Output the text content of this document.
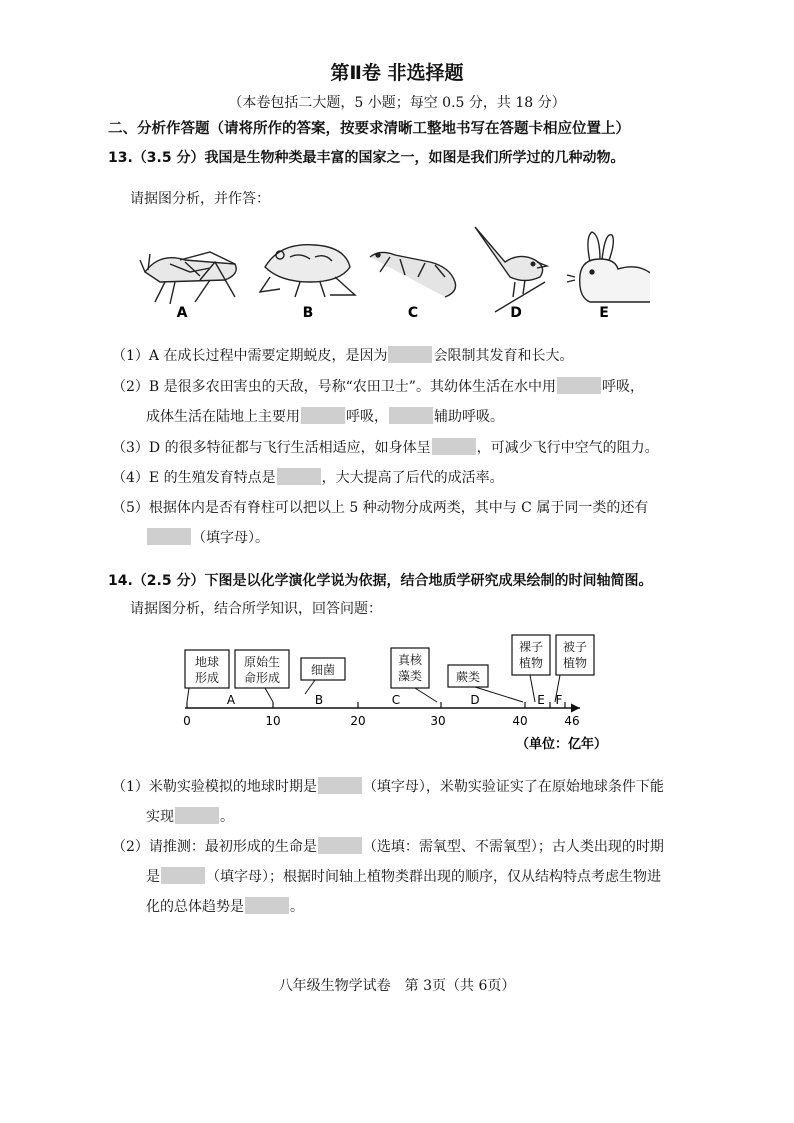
第Ⅱ卷 非选择题
（本卷包括二大题，5 小题；每空 0.5 分，共 18 分）
二、分析作答题（请将所作的答案，按要求清晰工整地书写在答题卡相应位置上）
13.（3.5 分）我国是生物种类最丰富的国家之一，如图是我们所学过的几种动物。
请据图分析，并作答：
A	B	C	D	E
（1）A 在成长过程中需要定期蜕皮，是因为	会限制其发育和长大。
（2）B 是很多农田害虫的天敌，号称“农田卫士”。其幼体生活在水中用	呼吸，
成体生活在陆地上主要用	呼吸，	辅助呼吸。
（3）D 的很多特征都与飞行生活相适应，如身体呈	，可减少飞行中空气的阻力。
（4）E 的生殖发育特点是	，大大提高了后代的成活率。
（5）根据体内是否有脊柱可以把以上 5 种动物分成两类，其中与 C 属于同一类的还有
（填字母）。
14.（2.5 分）下图是以化学演化学说为依据，结合地质学研究成果绘制的时间轴简图。
请据图分析，结合所学知识，回答问题：
0	10	20	30	40	46
A	B	C	D	E F
地球
形成
原始生
命形成
细菌
真核
藻类	蕨类
裸子
植物
被子
植物
（单位：亿年）
（1）米勒实验模拟的地球时期是	（填字母），米勒实验证实了在原始地球条件下能
实现	。
（2）请推测：最初形成的生命是	（选填：需氧型、不需氧型）；古人类出现的时期
是	（填字母）；根据时间轴上植物类群出现的顺序，仅从结构特点考虑生物进
化的总体趋势是	。
八年级生物学试卷　第 3页（共 6页）
